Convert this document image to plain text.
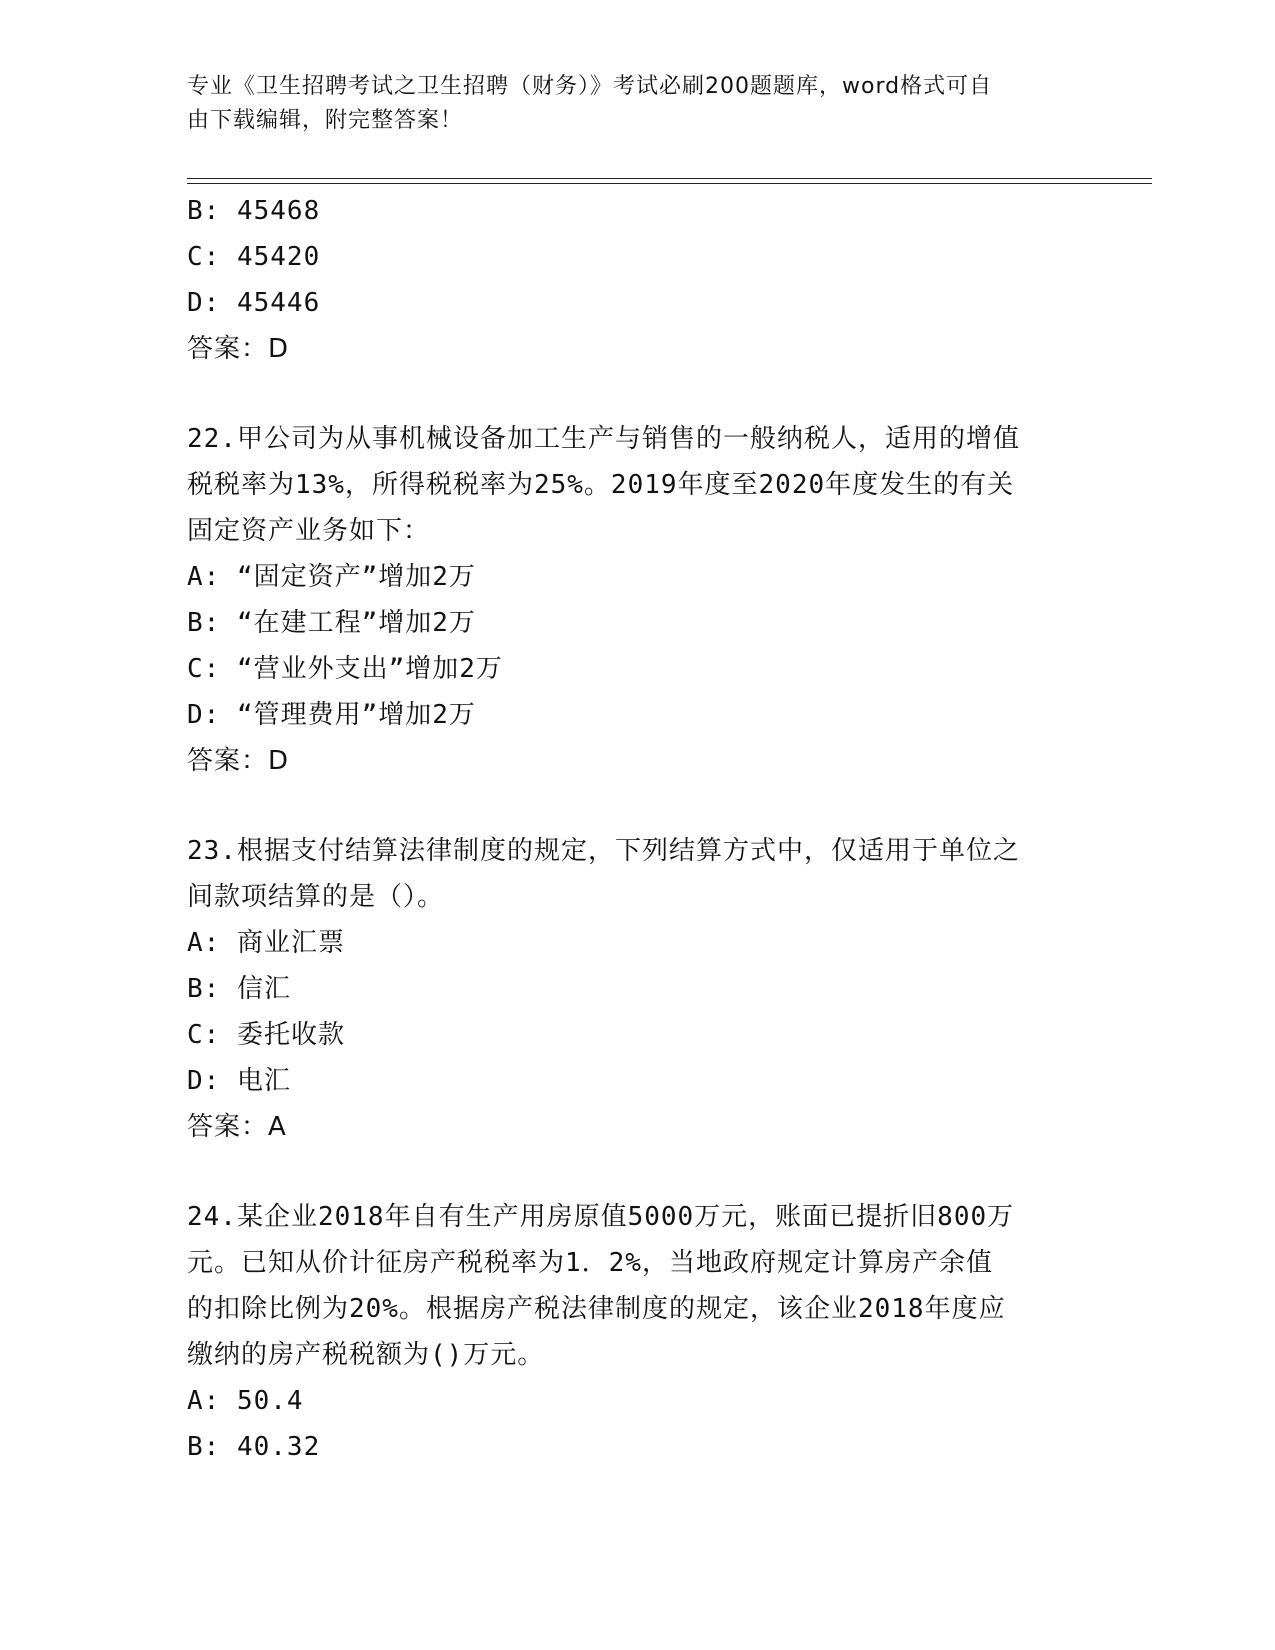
专业《卫生招聘考试之卫生招聘（财务）》考试必刷200题题库，word格式可自
由下载编辑，附完整答案！
B: 45468
C: 45420
D: 45446
答案：D
22.甲公司为从事机械设备加工生产与销售的一般纳税人，适用的增值
税税率为13%，所得税税率为25%。2019年度至2020年度发生的有关
固定资产业务如下：
A: “固定资产”增加2万
B: “在建工程”增加2万
C: “营业外支出”增加2万
D: “管理费用”增加2万
答案：D
23.根据支付结算法律制度的规定，下列结算方式中，仅适用于单位之
间款项结算的是（）。
A: 商业汇票
B: 信汇
C: 委托收款
D: 电汇
答案：A
24.某企业2018年自有生产用房原值5000万元，账面已提折旧800万
元。已知从价计征房产税税率为1．2%，当地政府规定计算房产余值
的扣除比例为20%。根据房产税法律制度的规定，该企业2018年度应
缴纳的房产税税额为()万元。
A: 50.4
B: 40.32
